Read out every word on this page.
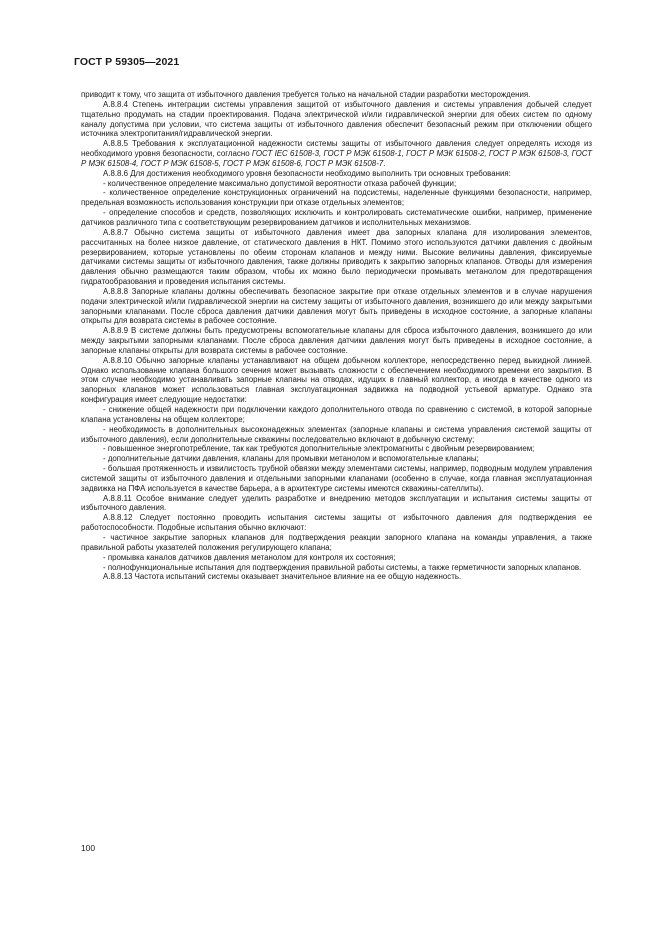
ГОСТ Р 59305—2021

приводит к тому, что защита от избыточного давления требуется только на начальной стадии разработки месторождения.

А.8.8.4 Степень интеграции системы управления защитой от избыточного давления и системы управления добычей следует тщательно продумать на стадии проектирования. Подача электрической и/или гидравлической энергии для обеих систем по одному каналу допустима при условии, что система защиты от избыточного давления обеспечит безопасный режим при отключении общего источника электропитания/гидравлической энергии.

А.8.8.5 Требования к эксплуатационной надежности системы защиты от избыточного давления следует определять исходя из необходимого уровня безопасности, согласно ГОСТ IEC 61508-3, ГОСТ Р МЭК 61508-1, ГОСТ Р МЭК 61508-2, ГОСТ Р МЭК 61508-3, ГОСТ Р МЭК 61508-4, ГОСТ Р МЭК 61508-5, ГОСТ Р МЭК 61508-6, ГОСТ Р МЭК 61508-7.

А.8.8.6 Для достижения необходимого уровня безопасности необходимо выполнить три основных требования:

- количественное определение максимально допустимой вероятности отказа рабочей функции;

- количественное определение конструкционных ограничений на подсистемы, наделенные функциями безопасности, например, предельная возможность использования конструкции при отказе отдельных элементов;

- определение способов и средств, позволяющих исключить и контролировать систематические ошибки, например, применение датчиков различного типа с соответствующим резервированием датчиков и исполнительных механизмов.

А.8.8.7 Обычно система защиты от избыточного давления имеет два запорных клапана для изолирования элементов, рассчитанных на более низкое давление, от статического давления в НКТ. Помимо этого используются датчики давления с двойным резервированием, которые установлены по обеим сторонам клапанов и между ними. Высокие величины давления, фиксируемые датчиками системы защиты от избыточного давления, также должны приводить к закрытию запорных клапанов. Отводы для измерения давления обычно размещаются таким образом, чтобы их можно было периодически промывать метанолом для предотвращения гидратообразования и проведения испытания системы.

А.8.8.8 Запорные клапаны должны обеспечивать безопасное закрытие при отказе отдельных элементов и в случае нарушения подачи электрической и/или гидравлической энергии на систему защиты от избыточного давления, возникшего до или между закрытыми запорными клапанами. После сброса давления датчики давления могут быть приведены в исходное состояние, а запорные клапаны открыты для возврата системы в рабочее состояние.

А.8.8.9 В системе должны быть предусмотрены вспомогательные клапаны для сброса избыточного давления, возникшего до или между закрытыми запорными клапанами. После сброса давления датчики давления могут быть приведены в исходное состояние, а запорные клапаны открыты для возврата системы в рабочее состояние.

А.8.8.10 Обычно запорные клапаны устанавливают на общем добычном коллекторе, непосредственно перед выкидной линией. Однако использование клапана большого сечения может вызывать сложности с обеспечением необходимого времени его закрытия. В этом случае необходимо устанавливать запорные клапаны на отводах, идущих в главный коллектор, а иногда в качестве одного из запорных клапанов может использоваться главная эксплуатационная задвижка на подводной устьевой арматуре. Однако эта конфигурация имеет следующие недостатки:

- снижение общей надежности при подключении каждого дополнительного отвода по сравнению с системой, в которой запорные клапана установлены на общем коллекторе;

- необходимость в дополнительных высоконадежных элементах (запорные клапаны и система управления системой защиты от избыточного давления), если дополнительные скважины последовательно включают в добычную систему;

- повышенное энергопотребление, так как требуются дополнительные электромагниты с двойным резервированием;

- дополнительные датчики давления, клапаны для промывки метанолом и вспомогательные клапаны;

- большая протяженность и извилистость трубной обвязки между элементами системы, например, подводным модулем управления системой защиты от избыточного давления и отдельными запорными клапанами (особенно в случае, когда главная эксплуатационная задвижка на ПФА используется в качестве барьера, а в архитектуре системы имеются скважины-сателлиты).

А.8.8.11 Особое внимание следует уделить разработке и внедрению методов эксплуатации и испытания системы защиты от избыточного давления.

А.8.8.12 Следует постоянно проводить испытания системы защиты от избыточного давления для подтверждения ее работоспособности. Подобные испытания обычно включают:

- частичное закрытие запорных клапанов для подтверждения реакции запорного клапана на команды управления, а также правильной работы указателей положения регулирующего клапана;

- промывка каналов датчиков давления метанолом для контроля их состояния;

- полнофункциональные испытания для подтверждения правильной работы системы, а также герметичности запорных клапанов.

А.8.8.13 Частота испытаний системы оказывает значительное влияние на ее общую надежность.

100
